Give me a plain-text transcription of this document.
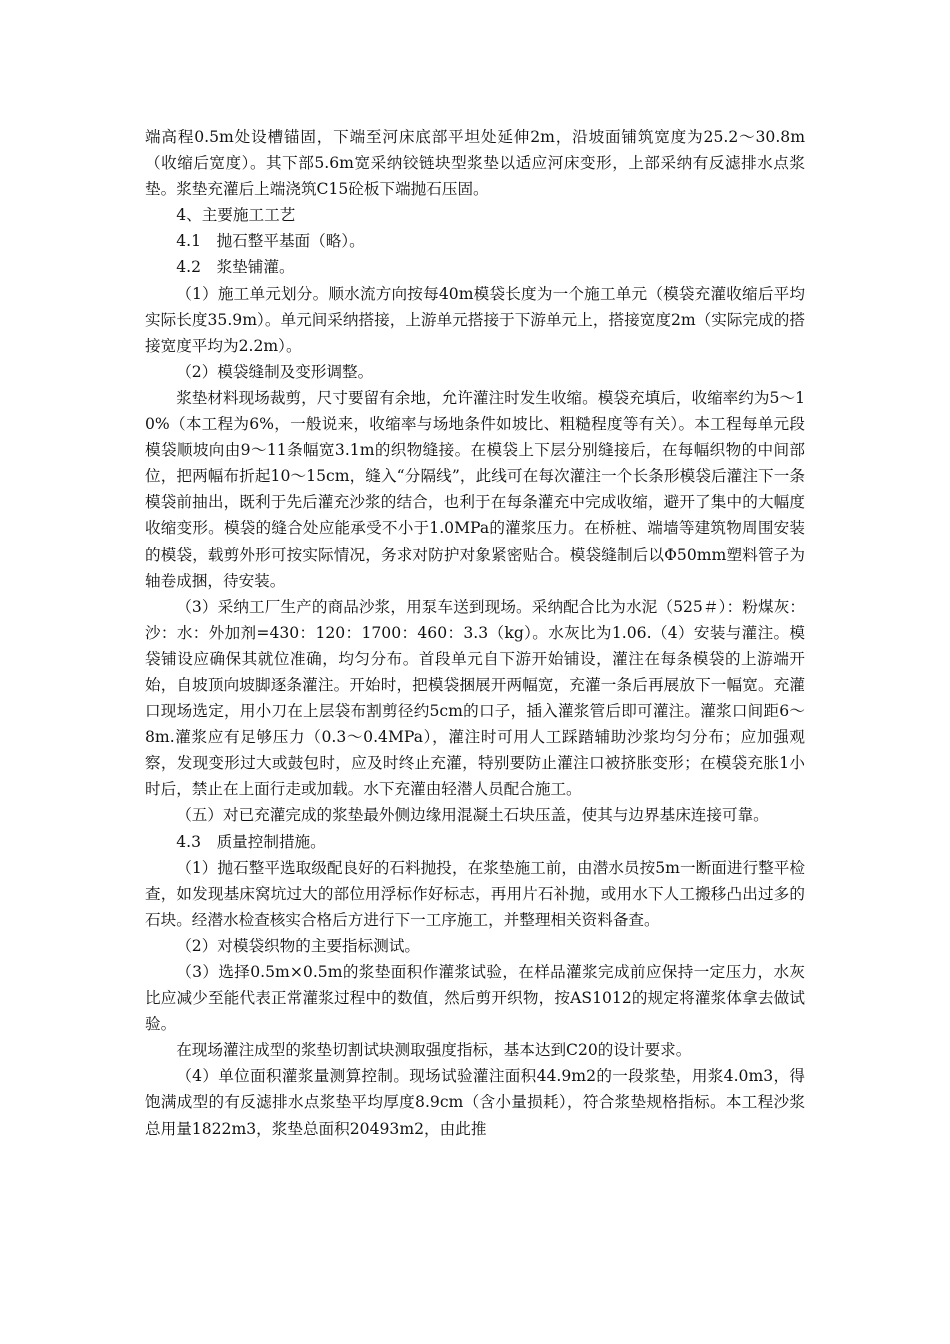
端高程0.5m处设槽锚固，下端至河床底部平坦处延伸2m，沿坡面铺筑宽度为25.2～30.8m（收缩后宽度）。其下部5.6m宽采纳铰链块型浆垫以适应河床变形，上部采纳有反滤排水点浆垫。浆垫充灌后上端浇筑C15砼板下端抛石压固。

4、主要施工工艺

4.1　抛石整平基面（略）。

4.2　浆垫铺灌。

（1）施工单元划分。顺水流方向按每40m模袋长度为一个施工单元（模袋充灌收缩后平均实际长度35.9m）。单元间采纳搭接，上游单元搭接于下游单元上，搭接宽度2m（实际完成的搭接宽度平均为2.2m）。

（2）模袋缝制及变形调整。

浆垫材料现场裁剪，尺寸要留有余地，允许灌注时发生收缩。模袋充填后，收缩率约为5～10%（本工程为6%，一般说来，收缩率与场地条件如坡比、粗糙程度等有关）。本工程每单元段模袋顺坡向由9～11条幅宽3.1m的织物缝接。在模袋上下层分别缝接后，在每幅织物的中间部位，把两幅布折起10～15cm，缝入“分隔线”，此线可在每次灌注一个长条形模袋后灌注下一条模袋前抽出，既利于先后灌充沙浆的结合，也利于在每条灌充中完成收缩，避开了集中的大幅度收缩变形。模袋的缝合处应能承受不小于1.0MPa的灌浆压力。在桥桩、端墙等建筑物周围安装的模袋，载剪外形可按实际情况，务求对防护对象紧密贴合。模袋缝制后以Φ50mm塑料管子为轴卷成捆，待安装。

（3）采纳工厂生产的商品沙浆，用泵车送到现场。采纳配合比为水泥（525＃）：粉煤灰：沙：水：外加剂=430：120：1700：460：3.3（kg）。水灰比为1.06.（4）安装与灌注。模袋铺设应确保其就位准确，均匀分布。首段单元自下游开始铺设，灌注在每条模袋的上游端开始，自坡顶向坡脚逐条灌注。开始时，把模袋捆展开两幅宽，充灌一条后再展放下一幅宽。充灌口现场选定，用小刀在上层袋布割剪径约5cm的口子，插入灌浆管后即可灌注。灌浆口间距6～8m.灌浆应有足够压力（0.3～0.4MPa），灌注时可用人工踩踏辅助沙浆均匀分布；应加强观察，发现变形过大或鼓包时，应及时终止充灌，特别要防止灌注口被挤胀变形；在模袋充胀1小时后，禁止在上面行走或加载。水下充灌由轻潜人员配合施工。

（五）对已充灌完成的浆垫最外侧边缘用混凝土石块压盖，使其与边界基床连接可靠。

4.3　质量控制措施。

（1）抛石整平选取级配良好的石料抛投，在浆垫施工前，由潜水员按5m一断面进行整平检查，如发现基床窝坑过大的部位用浮标作好标志，再用片石补抛，或用水下人工搬移凸出过多的石块。经潜水检查核实合格后方进行下一工序施工，并整理相关资料备查。

（2）对模袋织物的主要指标测试。

（3）选择0.5m×0.5m的浆垫面积作灌浆试验，在样品灌浆完成前应保持一定压力，水灰比应减少至能代表正常灌浆过程中的数值，然后剪开织物，按AS1012的规定将灌浆体拿去做试验。

在现场灌注成型的浆垫切割试块测取强度指标，基本达到C20的设计要求。

（4）单位面积灌浆量测算控制。现场试验灌注面积44.9m2的一段浆垫，用浆4.0m3，得饱满成型的有反滤排水点浆垫平均厚度8.9cm（含小量损耗），符合浆垫规格指标。本工程沙浆总用量1822m3，浆垫总面积20493m2，由此推
